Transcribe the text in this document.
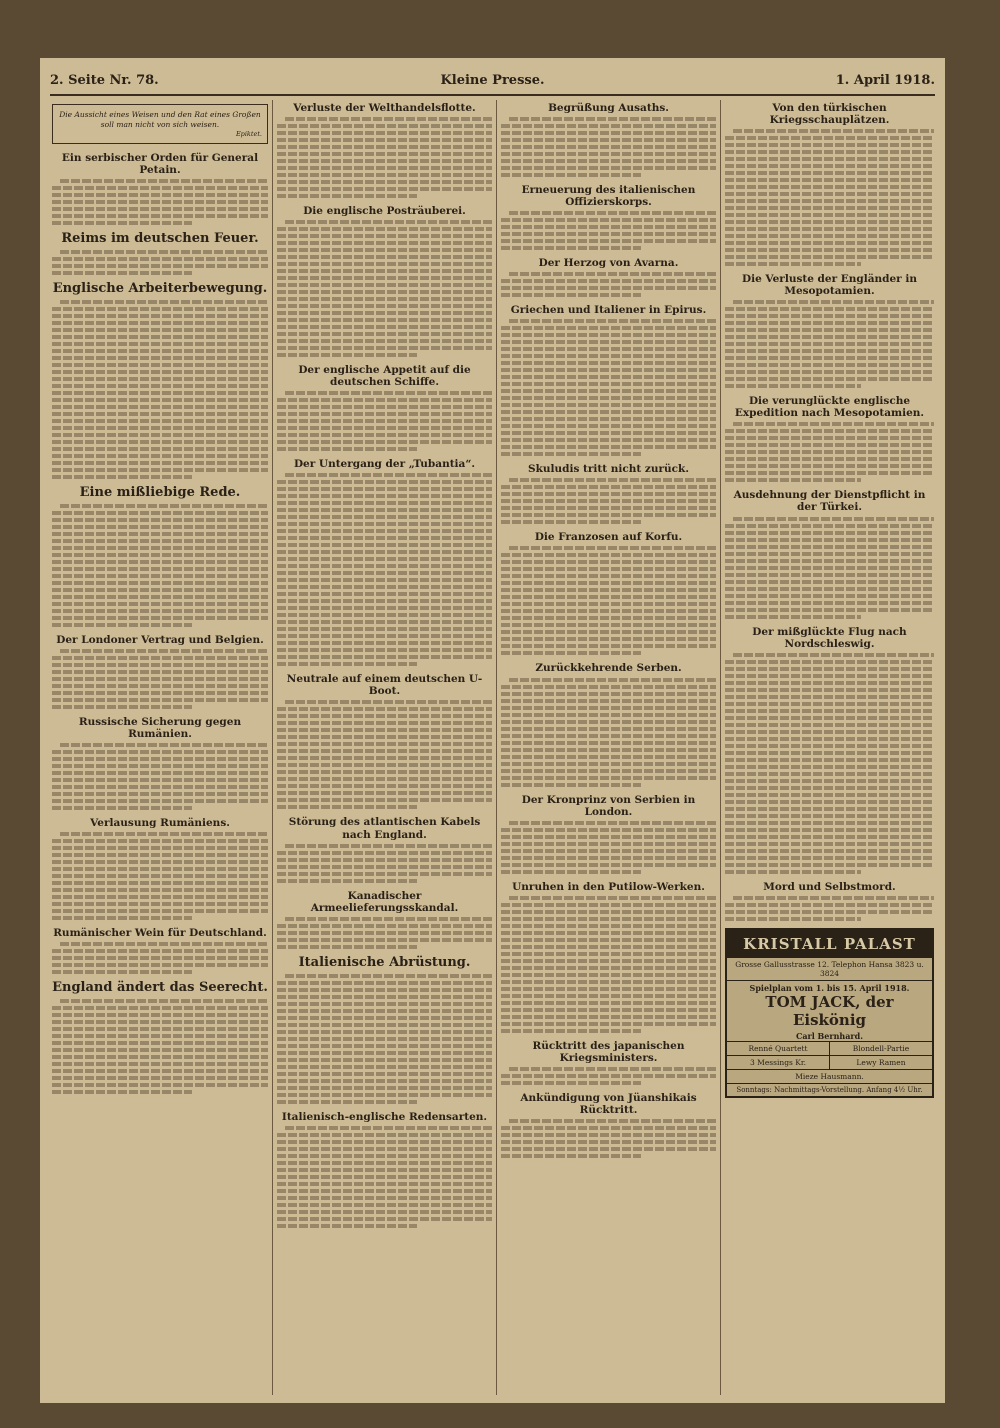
2. Seite Nr. 78.	Kleine Presse.	1. April 1918.
Die Aussicht eines Weisen und den Rat eines Großen soll man nicht von sich weisen.
Epiktet.
Ein serbischer Orden für General Petain.
Reims im deutschen Feuer.
Englische Arbeiterbewegung.
Eine mißliebige Rede.
Der Londoner Vertrag und Belgien.
Russische Sicherung gegen Rumänien.
Verlausung Rumäniens.
Rumänischer Wein für Deutschland.
England ändert das Seerecht.
Verluste der Welthandelsflotte.
Die englische Posträuberei.
Der englische Appetit auf die deutschen Schiffe.
Der Untergang der „Tubantia“.
Neutrale auf einem deutschen U-Boot.
Störung des atlantischen Kabels nach England.
Kanadischer Armeelieferungsskandal.
Italienische Abrüstung.
Italienisch-englische Redensarten.
Begrüßung Ausaths.
Erneuerung des italienischen Offizierskorps.
Der Herzog von Avarna.
Griechen und Italiener in Epirus.
Skuludis tritt nicht zurück.
Die Franzosen auf Korfu.
Zurückkehrende Serben.
Der Kronprinz von Serbien in London.
Unruhen in den Putilow-Werken.
Rücktritt des japanischen Kriegsministers.
Ankündigung von Jüanshikais Rücktritt.
Von den türkischen Kriegsschauplätzen.
Die Verluste der Engländer in Mesopotamien.
Die verunglückte englische Expedition nach Mesopotamien.
Ausdehnung der Dienstpflicht in der Türkei.
Der mißglückte Flug nach Nordschleswig.
Mord und Selbstmord.
KRISTALL PALAST
Grosse Gallusstrasse 12. Telephon Hansa 3823 u. 3824
Spielplan vom 1. bis 15. April 1918.
TOM JACK, der Eiskönig
Carl Bernhard.
Renné Quartett	Blondell-Partie
3 Messings Kr.	Lewy Ramen
Mieze Hausmann.
Sonntags: Nachmittags-Vorstellung. Anfang 4½ Uhr.
